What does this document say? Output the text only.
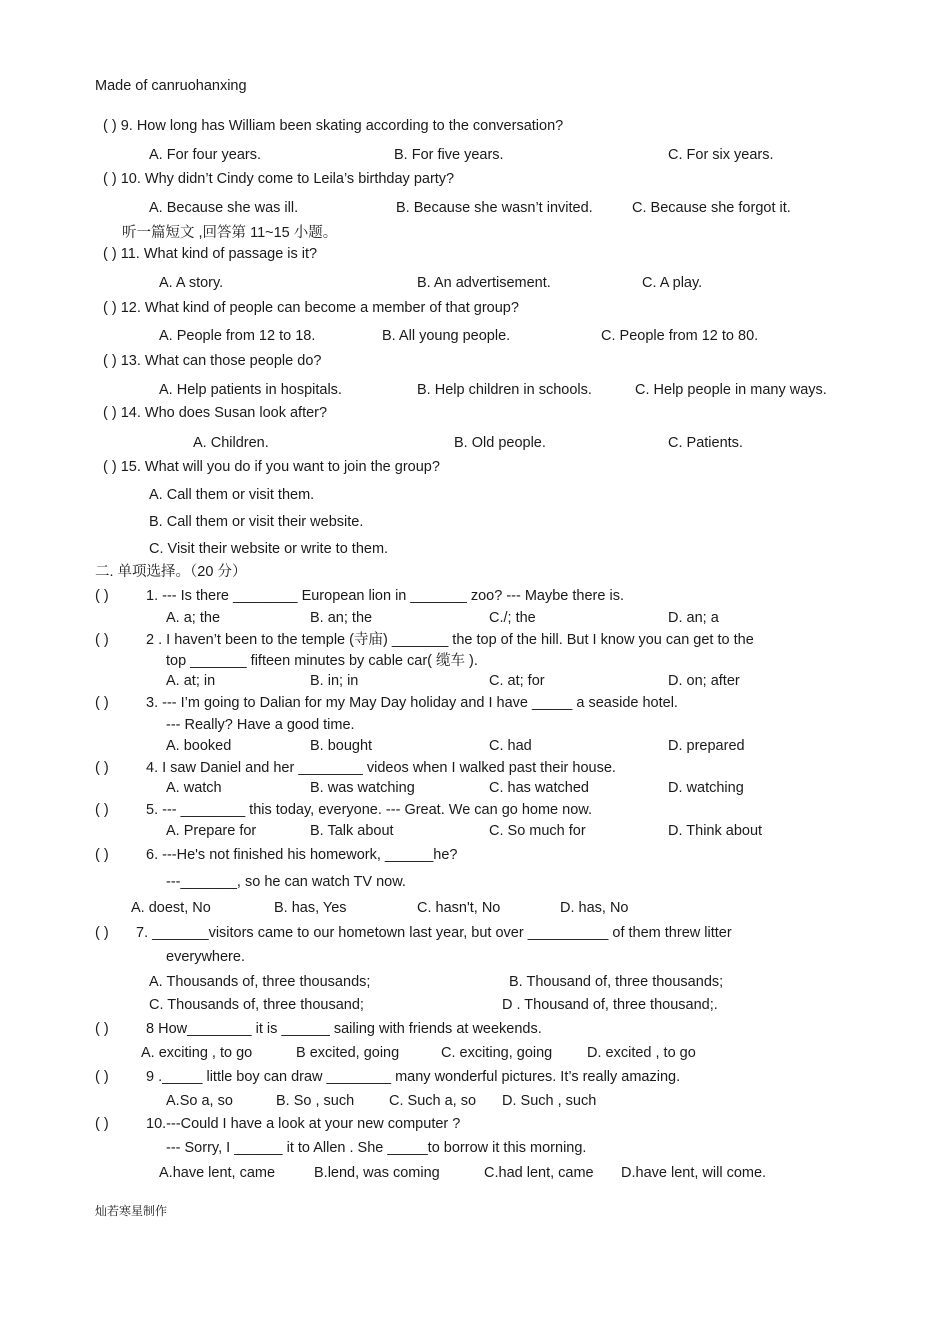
Made of canruohanxing
( ) 9. How long has William been skating according to the conversation?
A. For four years.	B. For five years.	C. For six years.
( ) 10. Why didn’t Cindy come to Leila’s birthday party?
A. Because she was ill.	B. Because she wasn’t invited.	C. Because she forgot it.
听一篇短文 ,回答第 11~15 小题。
( ) 11. What kind of passage is it?
A. A story.	B. An advertisement.	C. A play.
( ) 12. What kind of people can become a member of that group?
A. People from 12 to 18.	B. All young people.	C. People from 12 to 80.
( ) 13. What can those people do?
A. Help patients in hospitals.	B. Help children in schools.	C. Help people in many ways.
( ) 14. Who does Susan look after?
A. Children.	B. Old people.	C. Patients.
( ) 15. What will you do if you want to join the group?
A. Call them or visit them.
B. Call them or visit their website.
C. Visit their website or write to them.
二. 单项选择。（20 分）
( )	1. --- Is there ________ European lion in _______ zoo? --- Maybe there is.
A. a; the	B. an; the	C./; the	D. an; a
( )	2 . I haven’t been to the temple (寺庙) _______ the top of the hill. But I know you can get to the
top _______ fifteen minutes by cable car( 缆车 ).
A. at; in	B. in; in	C. at; for	D. on; after
( )	3. --- I’m going to Dalian for my May Day holiday and I have _____ a seaside hotel.
--- Really? Have a good time.
A. booked	B. bought	C. had	D. prepared
( )	4. I saw Daniel and her ________ videos when I walked past their house.
A. watch	B. was watching	C. has watched	D. watching
( )	5. --- ________ this today, everyone. --- Great. We can go home now.
A. Prepare for	B. Talk about	C. So much for	D. Think about
( )	6. ---He's not finished his homework, ______he?
---_______, so he can watch TV now.
A. doest, No	B. has, Yes	C. hasn't, No	D. has, No
( ) 7. _______visitors came to our hometown last year, but over __________ of them threw litter
everywhere.
A. Thousands of, three thousands;	B. Thousand of, three thousands;
C. Thousands of, three thousand;	D . Thousand of, three thousand;.
( )	8 How________ it is ______ sailing with friends at weekends.
A. exciting , to go	B excited, going	C. exciting, going D. excited , to go
( )	9 ._____ little boy can draw ________ many wonderful pictures. It’s really amazing.
A.So a, so	B. So , such C. Such a, so D. Such , such
( )	10.---Could I have a look at your new computer ?
--- Sorry, I ______ it to Allen . She _____to borrow it this morning.
A.have lent, came	B.lend, was coming	C.had lent, came D.have lent, will come.
灿若寒星制作
